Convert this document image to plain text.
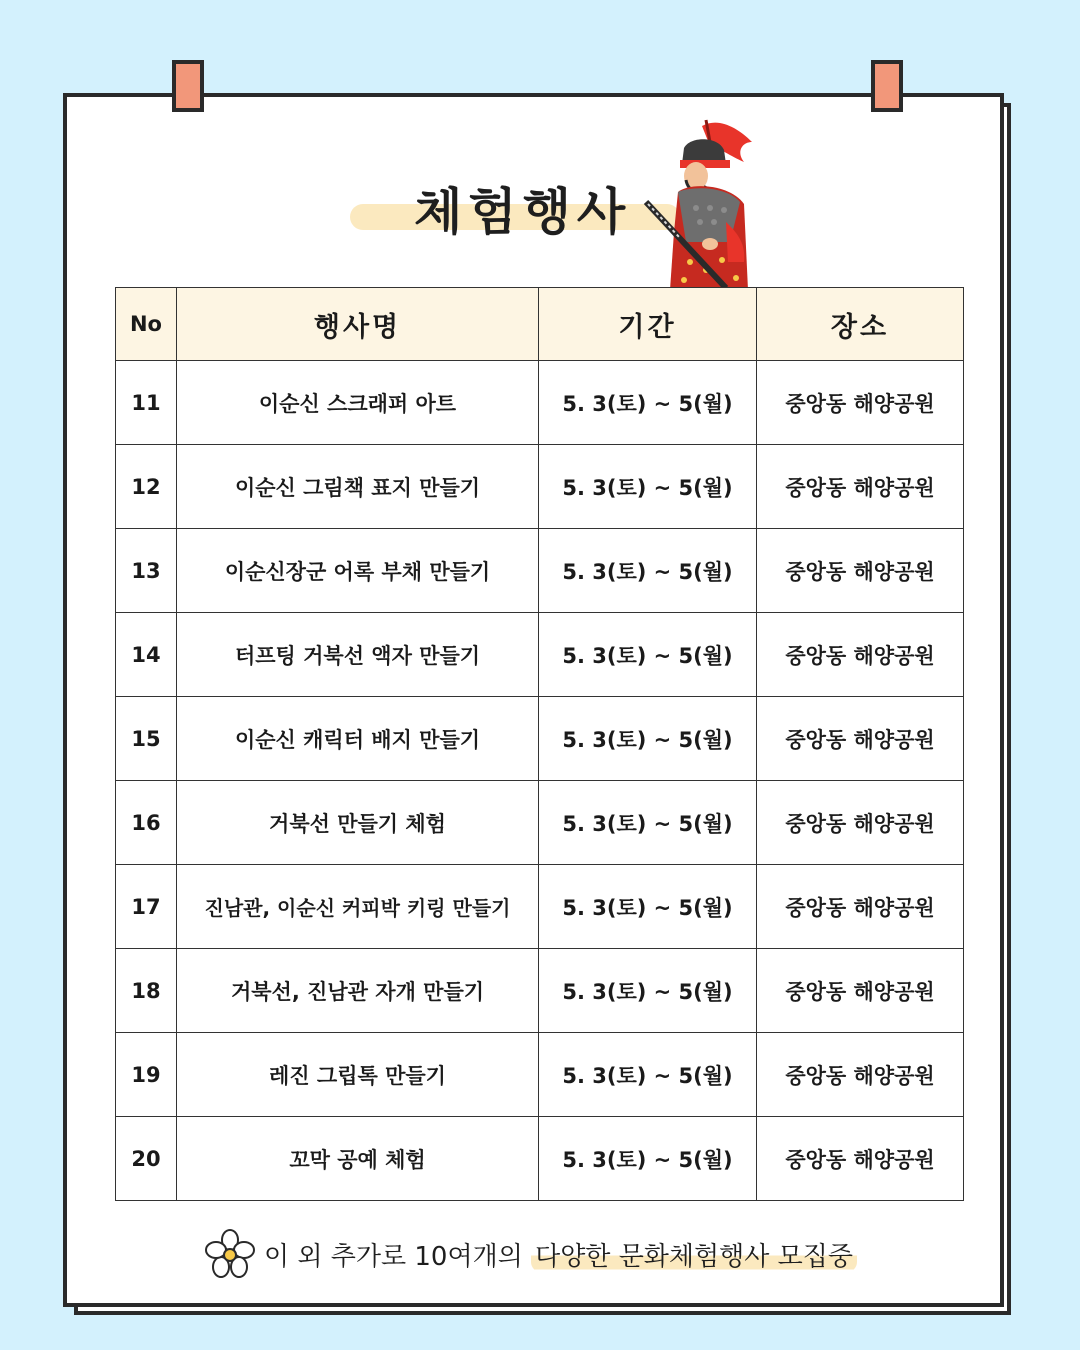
체험행사
No	행사명	기간	장소
11	이순신 스크래퍼 아트	5. 3(토) ~ 5(월)	중앙동 해양공원
12	이순신 그림책 표지 만들기	5. 3(토) ~ 5(월)	중앙동 해양공원
13	이순신장군 어록 부채 만들기	5. 3(토) ~ 5(월)	중앙동 해양공원
14	터프팅 거북선 액자 만들기	5. 3(토) ~ 5(월)	중앙동 해양공원
15	이순신 캐릭터 배지 만들기	5. 3(토) ~ 5(월)	중앙동 해양공원
16	거북선 만들기 체험	5. 3(토) ~ 5(월)	중앙동 해양공원
17	진남관, 이순신 커피박 키링 만들기	5. 3(토) ~ 5(월)	중앙동 해양공원
18	거북선, 진남관 자개 만들기	5. 3(토) ~ 5(월)	중앙동 해양공원
19	레진 그립톡 만들기	5. 3(토) ~ 5(월)	중앙동 해양공원
20	꼬막 공예 체험	5. 3(토) ~ 5(월)	중앙동 해양공원
이 외 추가로 10여개의 다양한 문화체험행사 모집중
